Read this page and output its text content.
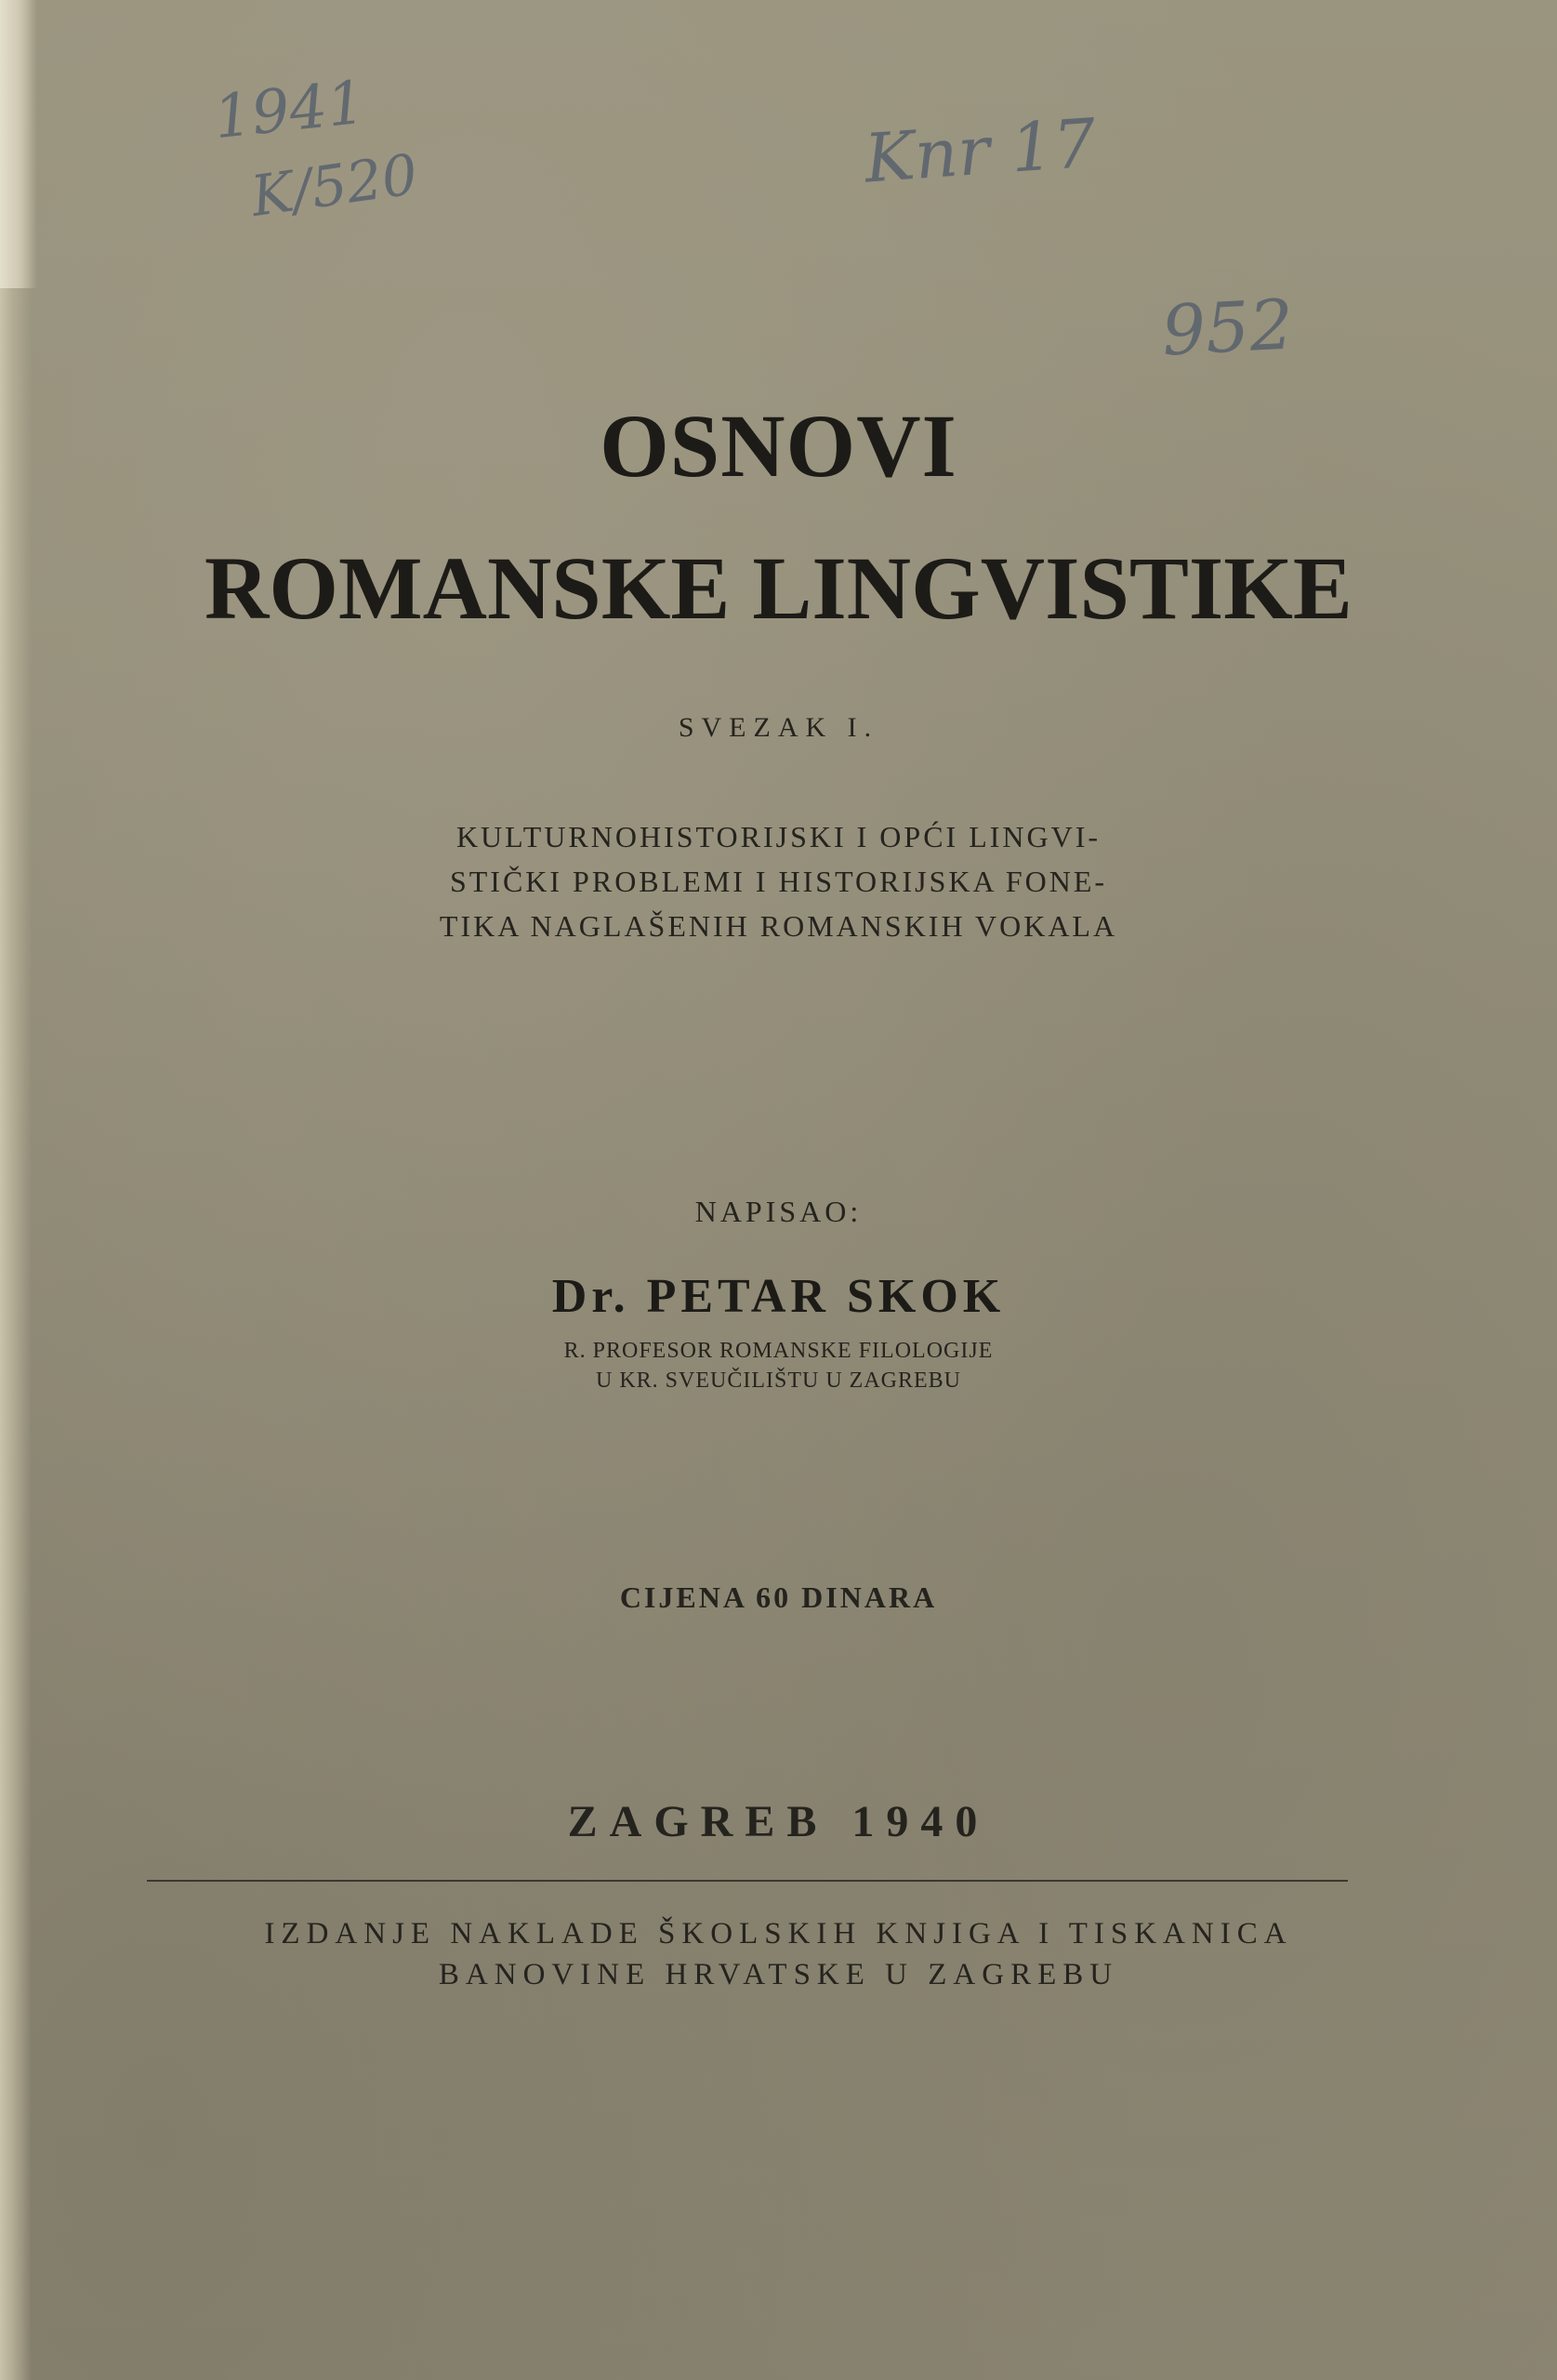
1941
K/520	Knr 17
952
OSNOVI
ROMANSKE LINGVISTIKE
SVEZAK I.
KULTURNOHISTORIJSKI I OPĆI LINGVI-
STIČKI PROBLEMI I HISTORIJSKA FONE-
TIKA NAGLAŠENIH ROMANSKIH VOKALA
NAPISAO:
Dr. PETAR SKOK
R. PROFESOR ROMANSKE FILOLOGIJE
U KR. SVEUČILIŠTU U ZAGREBU
CIJENA 60 DINARA
ZAGREB 1940
IZDANJE NAKLADE ŠKOLSKIH KNJIGA I TISKANICA
BANOVINE HRVATSKE U ZAGREBU
